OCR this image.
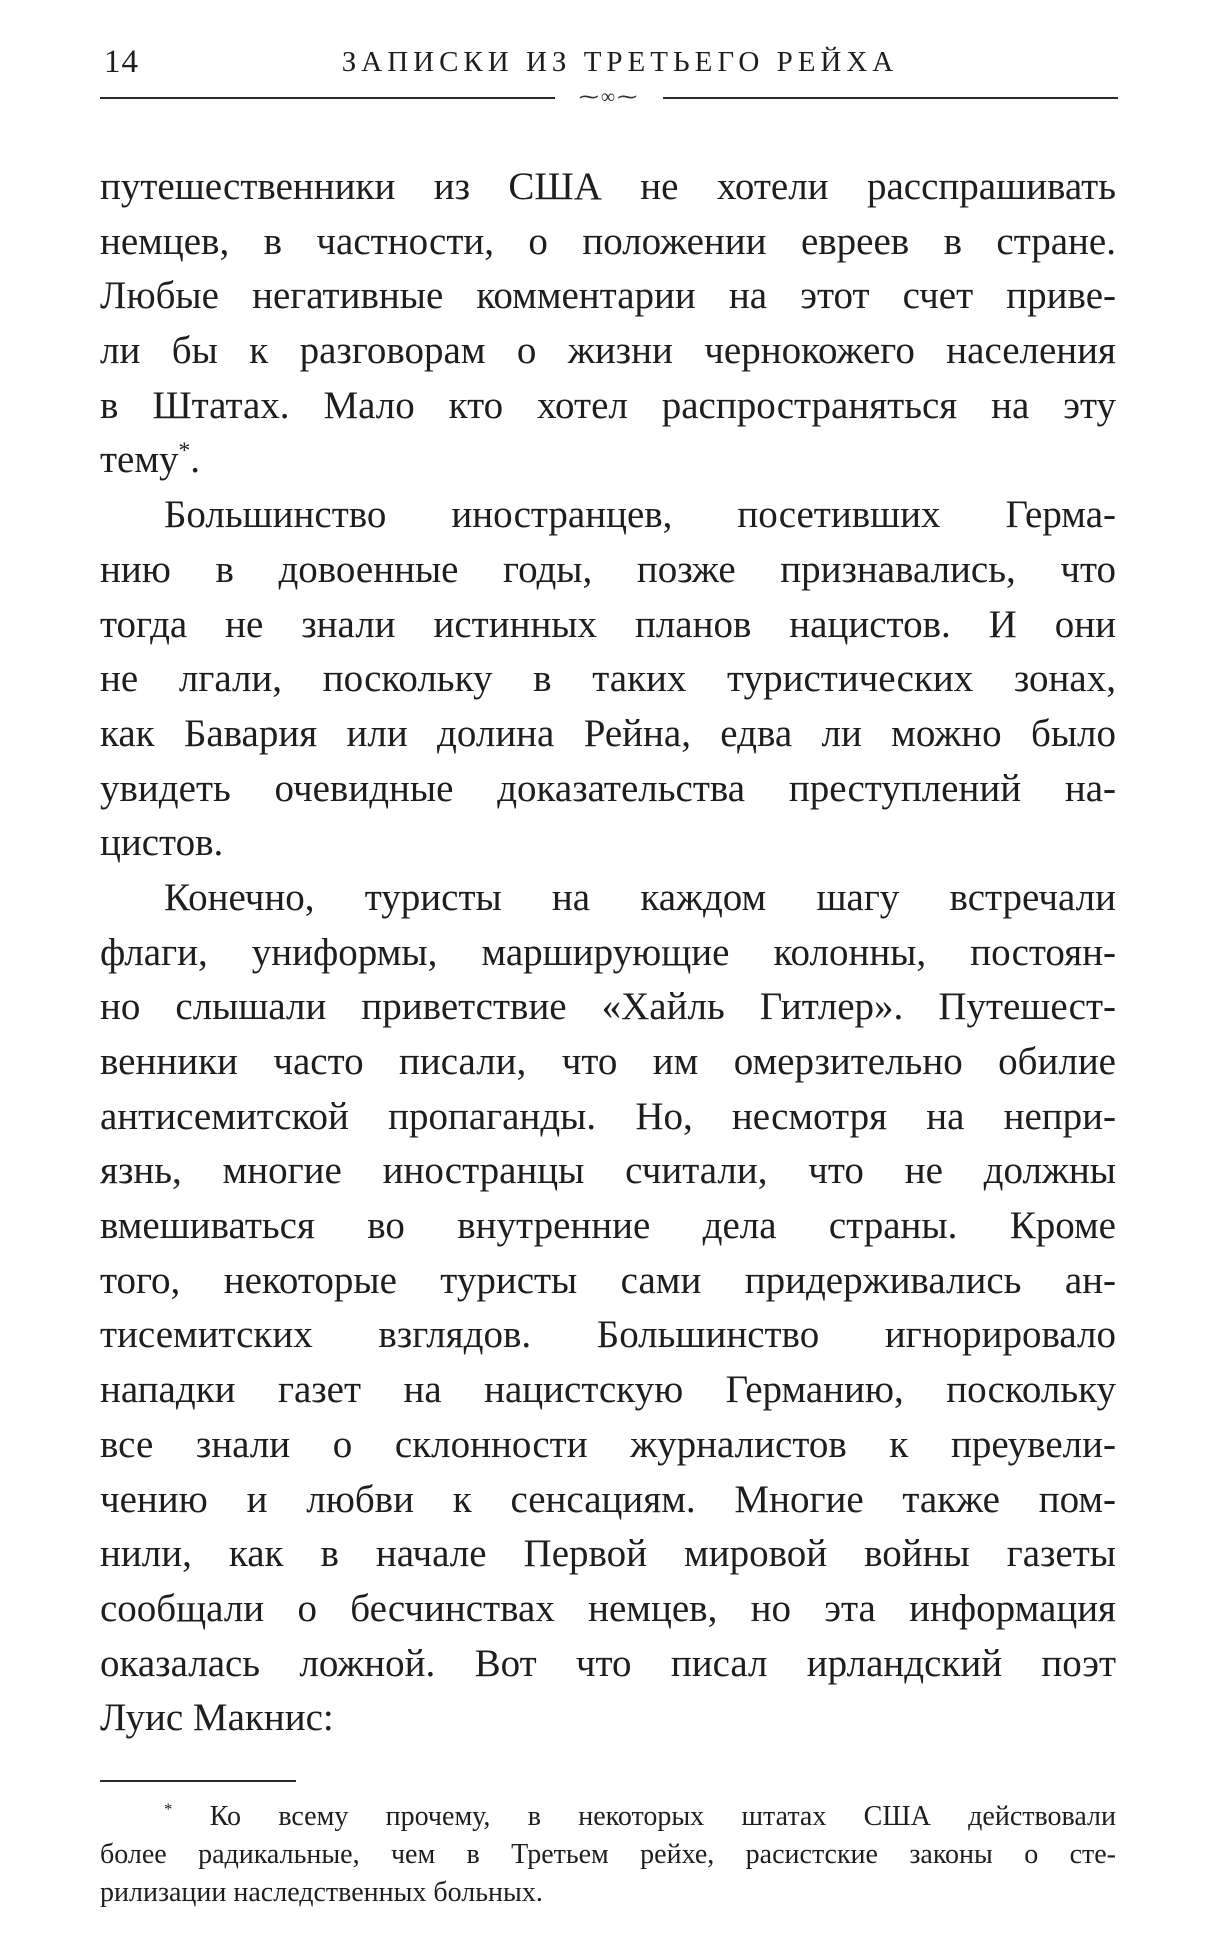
14	ЗАПИСКИ ИЗ ТРЕТЬЕГО РЕЙХА
⁓∞⁓
путешественники из США не хотели расспрашивать
немцев, в частности, о положении евреев в стране.
Любые негативные комментарии на этот счет приве-
ли бы к разговорам о жизни чернокожего населения
в Штатах. Мало кто хотел распространяться на эту
тему*.
Большинство иностранцев, посетивших Герма-
нию в довоенные годы, позже признавались, что
тогда не знали истинных планов нацистов. И они
не лгали, поскольку в таких туристических зонах,
как Бавария или долина Рейна, едва ли можно было
увидеть очевидные доказательства преступлений на-
цистов.
Конечно, туристы на каждом шагу встречали
флаги, униформы, марширующие колонны, постоян-
но слышали приветствие «Хайль Гитлер». Путешест-
венники часто писали, что им омерзительно обилие
антисемитской пропаганды. Но, несмотря на непри-
язнь, многие иностранцы считали, что не должны
вмешиваться во внутренние дела страны. Кроме
того, некоторые туристы сами придерживались ан-
тисемитских взглядов. Большинство игнорировало
нападки газет на нацистскую Германию, поскольку
все знали о склонности журналистов к преувели-
чению и любви к сенсациям. Многие также пом-
нили, как в начале Первой мировой войны газеты
сообщали о бесчинствах немцев, но эта информация
оказалась ложной. Вот что писал ирландский поэт
Луис Макнис:
* Ко всему прочему, в некоторых штатах США действовали
более радикальные, чем в Третьем рейхе, расистские законы о сте-
рилизации наследственных больных.
